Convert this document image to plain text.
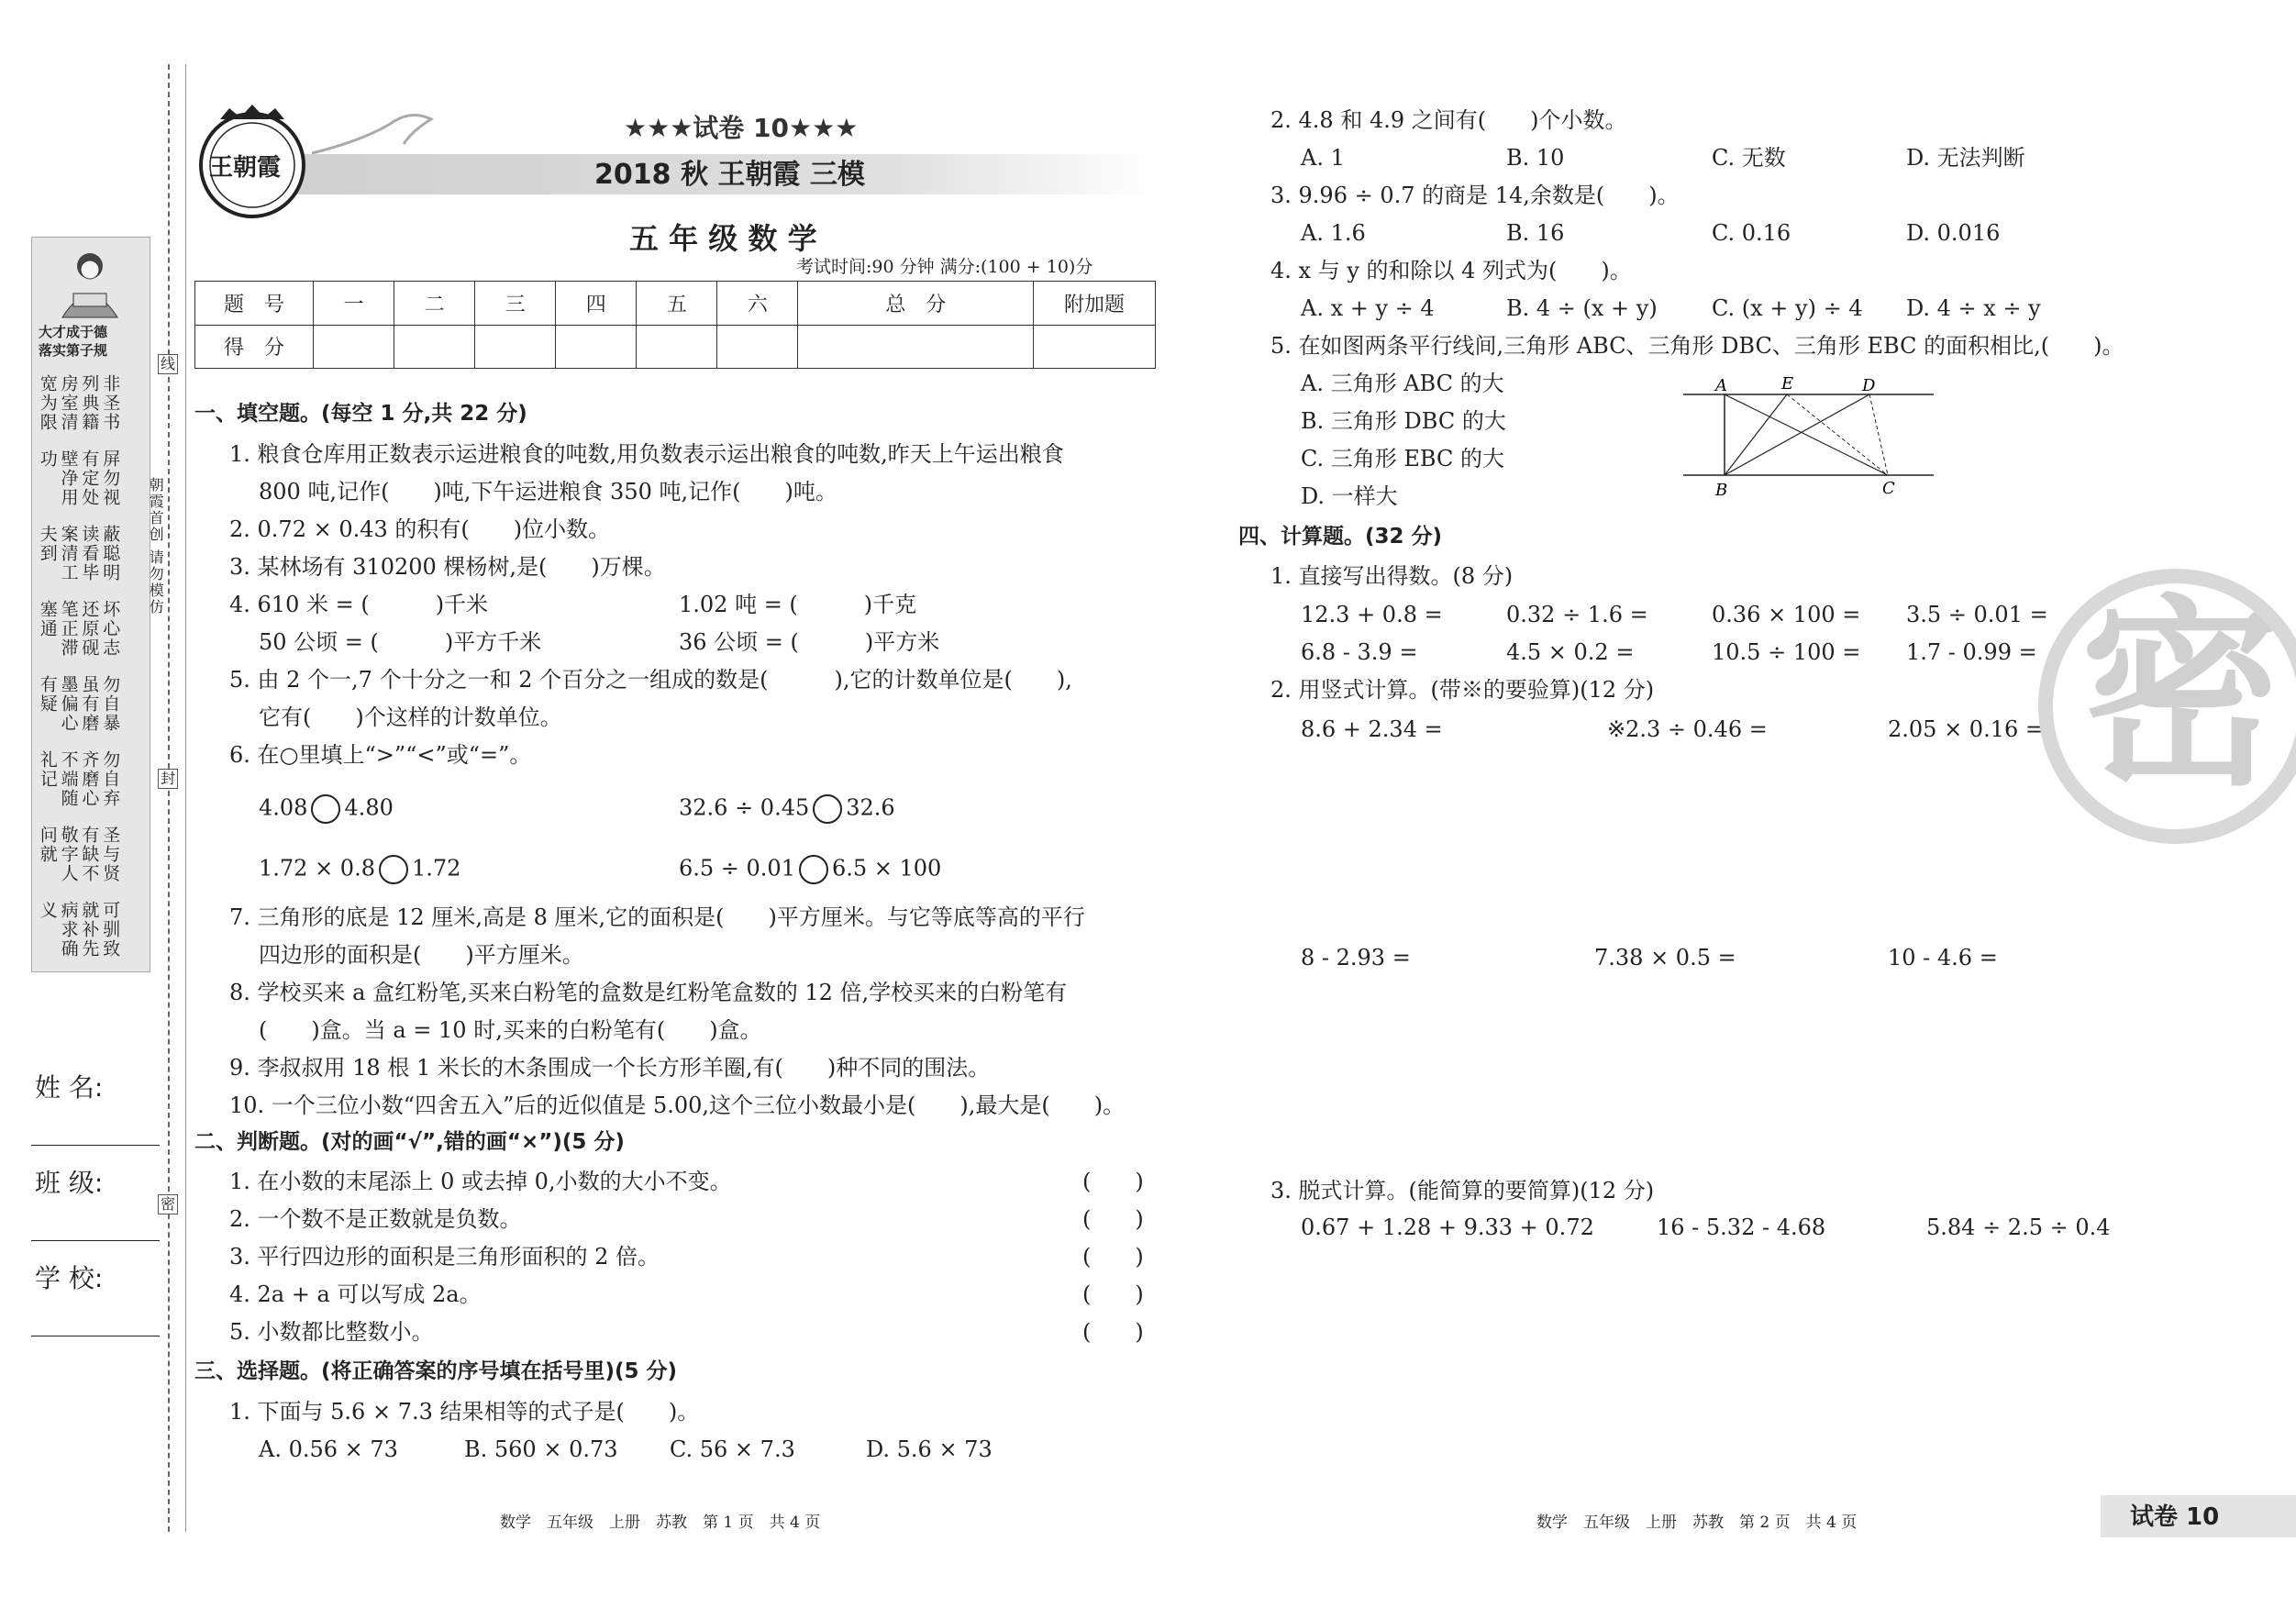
大才成于德
落实第子规
非圣书列典籍房室清宽为限
屏勿视有定处壁净用功
蔽聪明读看毕案清工夫到
坏心志还原砚笔正滞塞通
勿自暴虽有磨墨偏心有疑
勿自弃齐磨心不端随礼记
圣与贤有缺不敬字人问就
可驯致就补先病求确义
朝霞首创 请勿模仿
线
封
密
姓 名:
班 级:
学 校:
王朝霞
★★★试卷 10★★★
2018 秋 王朝霞 三模
五 年 级 数 学
考试时间:90 分钟 满分:(100 + 10)分
题　号	一	二	三	四	五	六	总　分	附加题
得　分								
一、填空题。(每空 1 分,共 22 分)
1. 粮食仓库用正数表示运进粮食的吨数,用负数表示运出粮食的吨数,昨天上午运出粮食
800 吨,记作(　　)吨,下午运进粮食 350 吨,记作(　　)吨。
2. 0.72 × 0.43 的积有(　　)位小数。
3. 某林场有 310200 棵杨树,是(　　)万棵。
4. 610 米 = (　　　)千米	1.02 吨 = (　　　)千克
50 公顷 = (　　　)平方千米	36 公顷 = (　　　)平方米
5. 由 2 个一,7 个十分之一和 2 个百分之一组成的数是(　　　),它的计数单位是(　　),
它有(　　)个这样的计数单位。
6. 在○里填上“>”“<”或“=”。
4.08 4.80	32.6 ÷ 0.45 32.6
1.72 × 0.8 1.72	6.5 ÷ 0.01 6.5 × 100
7. 三角形的底是 12 厘米,高是 8 厘米,它的面积是(　　)平方厘米。与它等底等高的平行
四边形的面积是(　　)平方厘米。
8. 学校买来 a 盒红粉笔,买来白粉笔的盒数是红粉笔盒数的 12 倍,学校买来的白粉笔有
(　　)盒。当 a = 10 时,买来的白粉笔有(　　)盒。
9. 李叔叔用 18 根 1 米长的木条围成一个长方形羊圈,有(　　)种不同的围法。
10. 一个三位小数“四舍五入”后的近似值是 5.00,这个三位小数最小是(　　),最大是(　　)。
二、判断题。(对的画“√”,错的画“×”)(5 分)
1. 在小数的末尾添上 0 或去掉 0,小数的大小不变。	(　　)
2. 一个数不是正数就是负数。	(　　)
3. 平行四边形的面积是三角形面积的 2 倍。	(　　)
4. 2a + a 可以写成 2a。	(　　)
5. 小数都比整数小。	(　　)
三、选择题。(将正确答案的序号填在括号里)(5 分)
1. 下面与 5.6 × 7.3 结果相等的式子是(　　)。
A. 0.56 × 73	B. 560 × 0.73 C. 56 × 7.3	D. 5.6 × 73
数学　五年级　上册　苏教　第 1 页　共 4 页
2. 4.8 和 4.9 之间有(　　)个小数。
A. 1	B. 10	C. 无数	D. 无法判断
3. 9.96 ÷ 0.7 的商是 14,余数是(　　)。
A. 1.6	B. 16	C. 0.16	D. 0.016
4. x 与 y 的和除以 4 列式为(　　)。
A. x + y ÷ 4	B. 4 ÷ (x + y) C. (x + y) ÷ 4 D. 4 ÷ x ÷ y
5. 在如图两条平行线间,三角形 ABC、三角形 DBC、三角形 EBC 的面积相比,(　　)。
A. 三角形 ABC 的大
B. 三角形 DBC 的大
C. 三角形 EBC 的大
D. 一样大
A	E	D
B	C
四、计算题。(32 分)
1. 直接写出得数。(8 分)
12.3 + 0.8 =	0.32 ÷ 1.6 =	0.36 × 100 = 3.5 ÷ 0.01 =
6.8 - 3.9 =	4.5 × 0.2 =	10.5 ÷ 100 = 1.7 - 0.99 =
2. 用竖式计算。(带※的要验算)(12 分)
8.6 + 2.34 =	※2.3 ÷ 0.46 =	2.05 × 0.16 =
8 - 2.93 =	7.38 × 0.5 =	10 - 4.6 =
3. 脱式计算。(能简算的要简算)(12 分)
0.67 + 1.28 + 9.33 + 0.72	16 - 5.32 - 4.68	5.84 ÷ 2.5 ÷ 0.4
密
数学　五年级　上册　苏教　第 2 页　共 4 页	试卷 10
